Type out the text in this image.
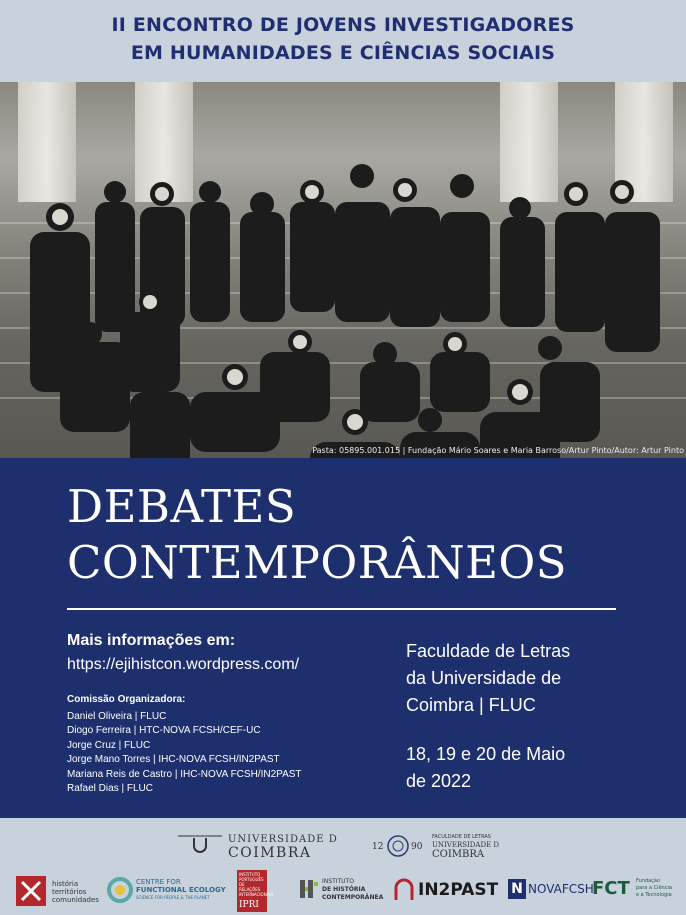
II ENCONTRO DE JOVENS INVESTIGADORES
EM HUMANIDADES E CIÊNCIAS SOCIAIS
Pasta: 05895.001.015 | Fundação Mário Soares e Maria Barroso/Artur Pinto/Autor: Artur Pinto
DEBATES
CONTEMPORÂNEOS
Mais informações em:
https://ejihistcon.wordpress.com/
Comissão Organizadora:
Daniel Oliveira | FLUC
Diogo Ferreira | HTC-NOVA FCSH/CEF-UC
Jorge Cruz | FLUC
Jorge Mano Torres | IHC-NOVA FCSH/IN2PAST
Mariana Reis de Castro | IHC-NOVA FCSH/IN2PAST
Rafael Dias | FLUC
Faculdade de Letras
da Universidade de
Coimbra | FLUC
18, 19 e 20 de Maio
de 2022
UNIVERSIDADE D
COIMBRA	12	90
FACULDADE DE LETRAS
UNIVERSIDADE D
COIMBRA
história
territórios
comunidades
CENTRE FOR
FUNCTIONAL ECOLOGY
SCIENCE FOR PEOPLE & THE PLANET
INSTITUTO
PORTUGUÊS DE
RELAÇÕES
INTERNACIONAIS
IPRI
INSTITUTO
DE HISTÓRIA
CONTEMPORÂNEA IN2PAST N NOVAFCSH
FCT Fundação
para a Ciência
e a Tecnologia
